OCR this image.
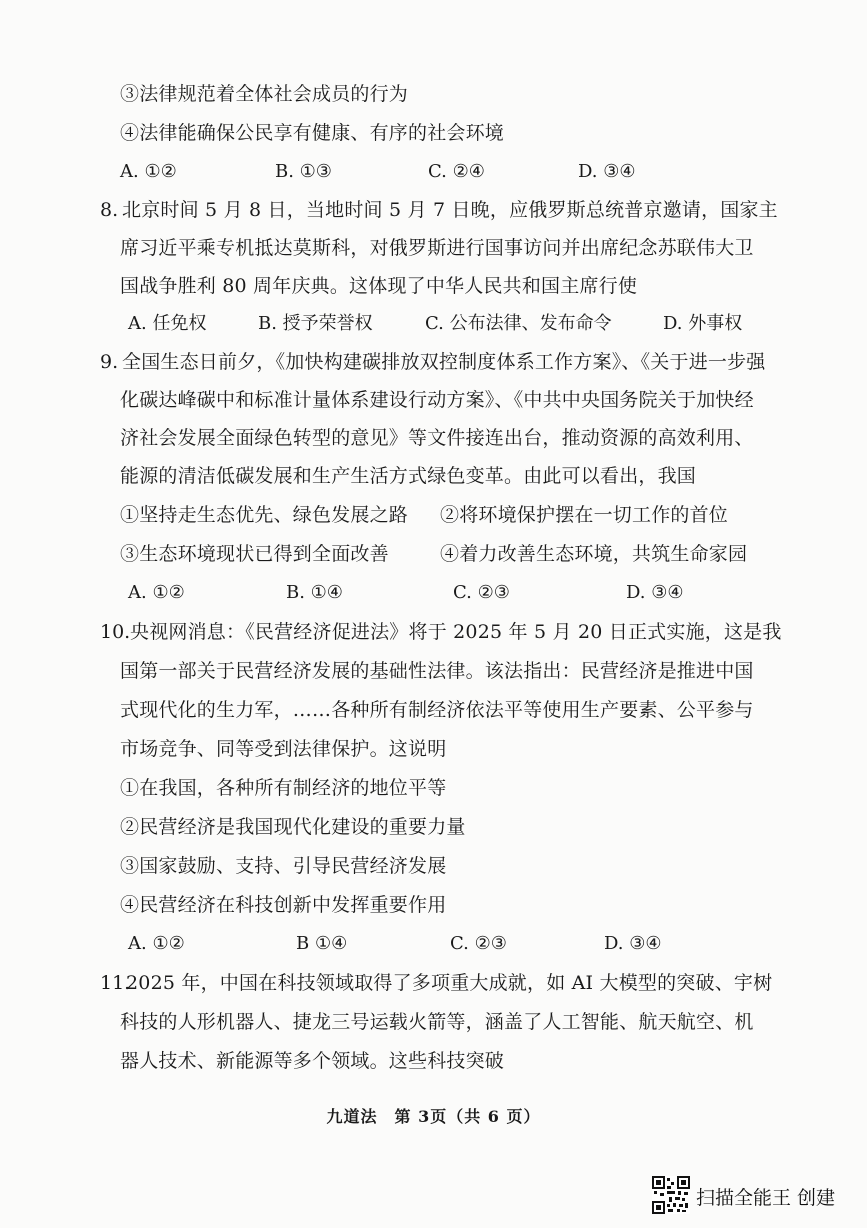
③法律规范着全体社会成员的行为
④法律能确保公民享有健康、有序的社会环境
A. ①②	B. ①③	C. ②④	D. ③④
8. 北京时间 5 月 8 日，当地时间 5 月 7 日晚，应俄罗斯总统普京邀请，国家主
席习近平乘专机抵达莫斯科，对俄罗斯进行国事访问并出席纪念苏联伟大卫
国战争胜利 80 周年庆典。这体现了中华人民共和国主席行使
A. 任免权	B. 授予荣誉权	C. 公布法律、发布命令	D. 外事权
9. 全国生态日前夕，《加快构建碳排放双控制度体系工作方案》、《关于进一步强
化碳达峰碳中和标准计量体系建设行动方案》、《中共中央国务院关于加快经
济社会发展全面绿色转型的意见》等文件接连出台，推动资源的高效利用、
能源的清洁低碳发展和生产生活方式绿色变革。由此可以看出，我国
①坚持走生态优先、绿色发展之路 ②将环境保护摆在一切工作的首位
③生态环境现状已得到全面改善	④着力改善生态环境，共筑生命家园
A. ①②	B. ①④	C. ②③	D. ③④
10. 央视网消息：《民营经济促进法》将于 2025 年 5 月 20 日正式实施，这是我
国第一部关于民营经济发展的基础性法律。该法指出：民营经济是推进中国
式现代化的生力军，……各种所有制经济依法平等使用生产要素、公平参与
市场竞争、同等受到法律保护。这说明
①在我国，各种所有制经济的地位平等
②民营经济是我国现代化建设的重要力量
③国家鼓励、支持、引导民营经济发展
④民营经济在科技创新中发挥重要作用
A. ①②	B ①④	C. ②③	D. ③④
11.
2025 年，中国在科技领域取得了多项重大成就，如 AI 大模型的突破、宇树
科技的人形机器人、捷龙三号运载火箭等，涵盖了人工智能、航天航空、机
器人技术、新能源等多个领域。这些科技突破
九道法　第 3页（共 6 页）
扫描全能王 创建
